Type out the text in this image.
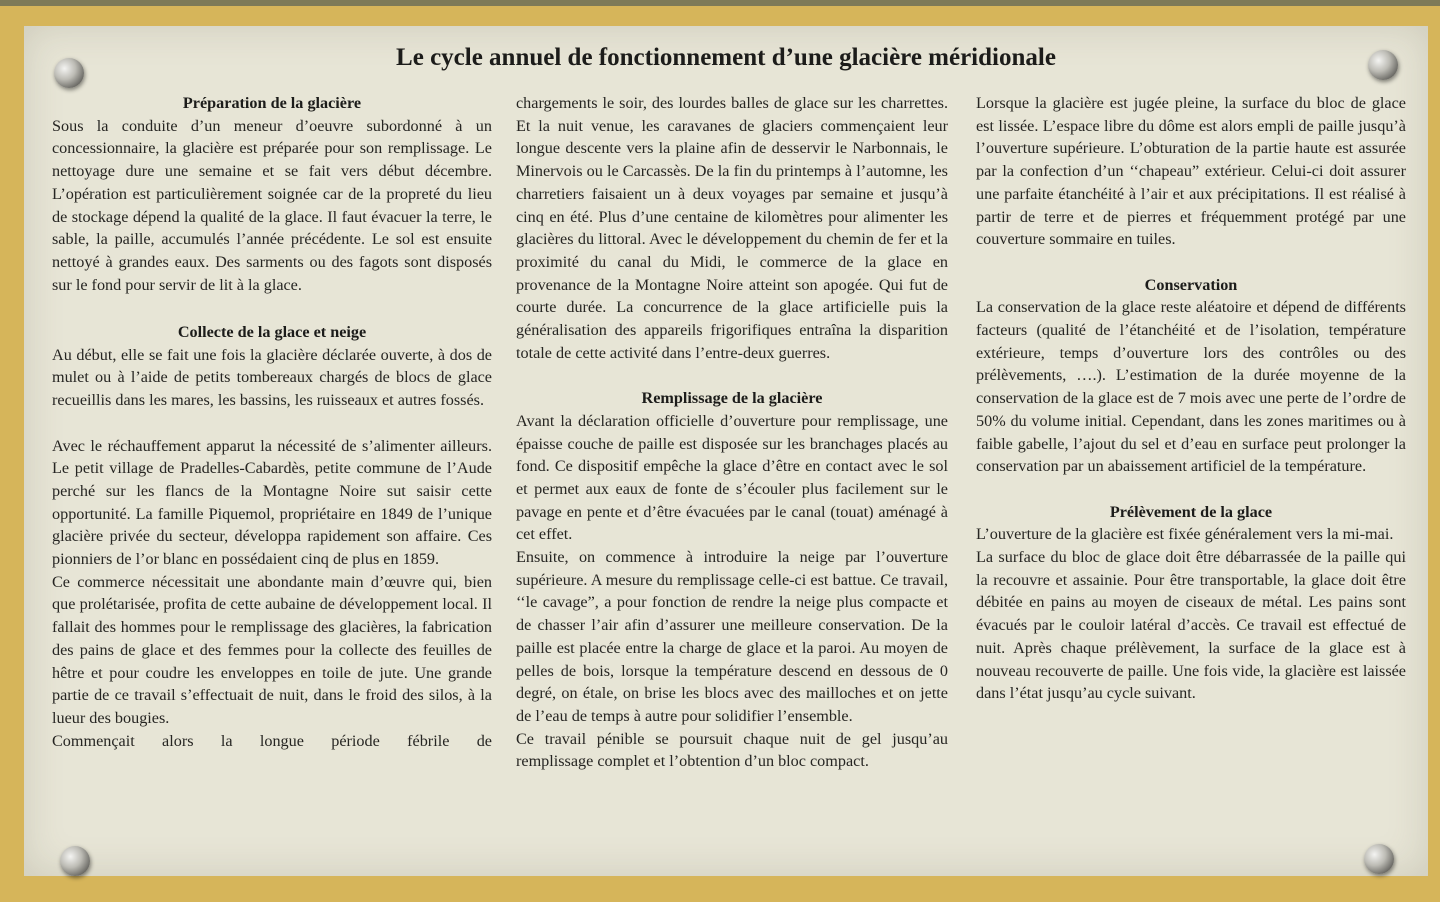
Le cycle annuel de fonctionnement d’une glacière méridionale
Préparation de la glacière

Sous la conduite d’un meneur d’oeuvre subordonné à un concessionnaire, la glacière est préparée pour son remplissage. Le nettoyage dure une semaine et se fait vers début décembre. L’opération est particulièrement soignée car de la propreté du lieu de stockage dépend la qualité de la glace. Il faut évacuer la terre, le sable, la paille, accumulés l’année précédente. Le sol est ensuite nettoyé à grandes eaux. Des sarments ou des fagots sont disposés sur le fond pour servir de lit à la glace.

Collecte de la glace et neige

Au début, elle se fait une fois la glacière déclarée ouverte, à dos de mulet ou à l’aide de petits tombereaux chargés de blocs de glace recueillis dans les mares, les bassins, les ruisseaux et autres fossés.

Avec le réchauffement apparut la nécessité de s’alimenter ailleurs. Le petit village de Pradelles-Cabardès, petite commune de l’Aude perché sur les flancs de la Montagne Noire sut saisir cette opportunité. La famille Piquemol, propriétaire en 1849 de l’unique glacière privée du secteur, développa rapidement son affaire. Ces pionniers de l’or blanc en possédaient cinq de plus en 1859.

Ce commerce nécessitait une abondante main d’œuvre qui, bien que prolétarisée, profita de cette aubaine de développement local. Il fallait des hommes pour le remplissage des glacières, la fabrication des pains de glace et des femmes pour la collecte des feuilles de hêtre et pour coudre les enveloppes en toile de jute. Une grande partie de ce travail s’effectuait de nuit, dans le froid des silos, à la lueur des bougies.

Commençait alors la longue période fébrile de

chargements le soir, des lourdes balles de glace sur les charrettes. Et la nuit venue, les caravanes de glaciers commençaient leur longue descente vers la plaine afin de desservir le Narbonnais, le Minervois ou le Carcassès. De la fin du printemps à l’automne, les charretiers faisaient un à deux voyages par semaine et jusqu’à cinq en été. Plus d’une centaine de kilomètres pour alimenter les glacières du littoral. Avec le développement du chemin de fer et la proximité du canal du Midi, le commerce de la glace en provenance de la Montagne Noire atteint son apogée. Qui fut de courte durée. La concurrence de la glace artificielle puis la généralisation des appareils frigorifiques entraîna la disparition totale de cette activité dans l’entre-deux guerres.

Remplissage de la glacière

Avant la déclaration officielle d’ouverture pour remplissage, une épaisse couche de paille est disposée sur les branchages placés au fond. Ce dispositif empêche la glace d’être en contact avec le sol et permet aux eaux de fonte de s’écouler plus facilement sur le pavage en pente et d’être évacuées par le canal (touat) aménagé à cet effet.

Ensuite, on commence à introduire la neige par l’ouverture supérieure. A mesure du remplissage celle-ci est battue. Ce travail, ‘‘le cavage”, a pour fonction de rendre la neige plus compacte et de chasser l’air afin d’assurer une meilleure conservation. De la paille est placée entre la charge de glace et la paroi. Au moyen de pelles de bois, lorsque la température descend en dessous de 0 degré, on étale, on brise les blocs avec des mailloches et on jette de l’eau de temps à autre pour solidifier l’ensemble.

Ce travail pénible se poursuit chaque nuit de gel jusqu’au remplissage complet et l’obtention d’un bloc compact.

Lorsque la glacière est jugée pleine, la surface du bloc de glace est lissée. L’espace libre du dôme est alors empli de paille jusqu’à l’ouverture supérieure. L’obturation de la partie haute est assurée par la confection d’un ‘‘chapeau” extérieur. Celui-ci doit assurer une parfaite étanchéité à l’air et aux précipitations. Il est réalisé à partir de terre et de pierres et fréquemment protégé par une couverture sommaire en tuiles.

Conservation

La conservation de la glace reste aléatoire et dépend de différents facteurs (qualité de l’étanchéité et de l’isolation, température extérieure, temps d’ouverture lors des contrôles ou des prélèvements, ….). L’estimation de la durée moyenne de la conservation de la glace est de 7 mois avec une perte de l’ordre de 50% du volume initial. Cependant, dans les zones maritimes ou à faible gabelle, l’ajout du sel et d’eau en surface peut prolonger la conservation par un abaissement artificiel de la température.

Prélèvement de la glace

L’ouverture de la glacière est fixée généralement vers la mi-mai.

La surface du bloc de glace doit être débarrassée de la paille qui la recouvre et assainie. Pour être transportable, la glace doit être débitée en pains au moyen de ciseaux de métal. Les pains sont évacués par le couloir latéral d’accès. Ce travail est effectué de nuit. Après chaque prélèvement, la surface de la glace est à nouveau recouverte de paille. Une fois vide, la glacière est laissée dans l’état jusqu’au cycle suivant.
